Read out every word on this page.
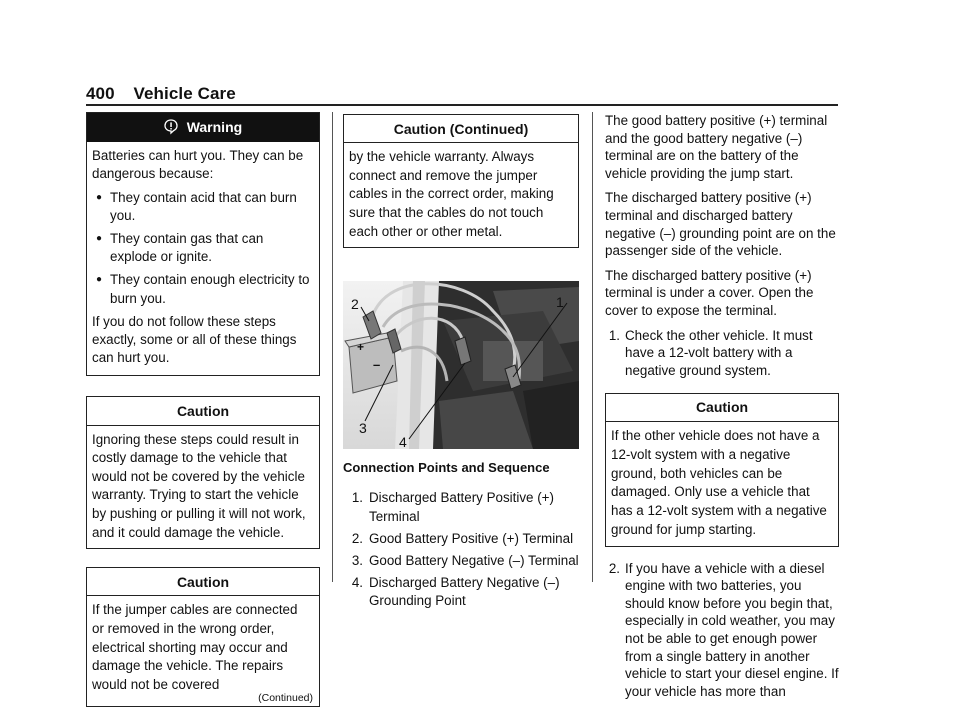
400 Vehicle Care
Warning

Batteries can hurt you. They can be dangerous because:

● They contain acid that can burn you.
● They contain gas that can explode or ignite.
● They contain enough electricity to burn you.

If you do not follow these steps exactly, some or all of these things can hurt you.

Caution
Ignoring these steps could result in costly damage to the vehicle that would not be covered by the vehicle warranty. Trying to start the vehicle by pushing or pulling it will not work, and it could damage the vehicle.
Caution
If the jumper cables are connected or removed in the wrong order, electrical shorting may occur and damage the vehicle. The repairs would not be covered
(Continued)
Caution (Continued)
by the vehicle warranty. Always connect and remove the jumper cables in the correct order, making sure that the cables do not touch each other or other metal.
+
–
1
2
3
4
Connection Points and Sequence
1. Discharged Battery Positive (+) Terminal
2. Good Battery Positive (+) Terminal
3. Good Battery Negative (–) Terminal
4. Discharged Battery Negative (–) Grounding Point

The good battery positive (+) terminal and the good battery negative (–) terminal are on the battery of the vehicle providing the jump start.

The discharged battery positive (+) terminal and discharged battery negative (–) grounding point are on the passenger side of the vehicle.

The discharged battery positive (+) terminal is under a cover. Open the cover to expose the terminal.

1. Check the other vehicle. It must have a 12-volt battery with a negative ground system.
Caution
If the other vehicle does not have a 12-volt system with a negative ground, both vehicles can be damaged. Only use a vehicle that has a 12-volt system with a negative ground for jump starting.
2. If you have a vehicle with a diesel engine with two batteries, you should know before you begin that, especially in cold weather, you may not be able to get enough power from a single battery in another vehicle to start your diesel engine. If your vehicle has more than
